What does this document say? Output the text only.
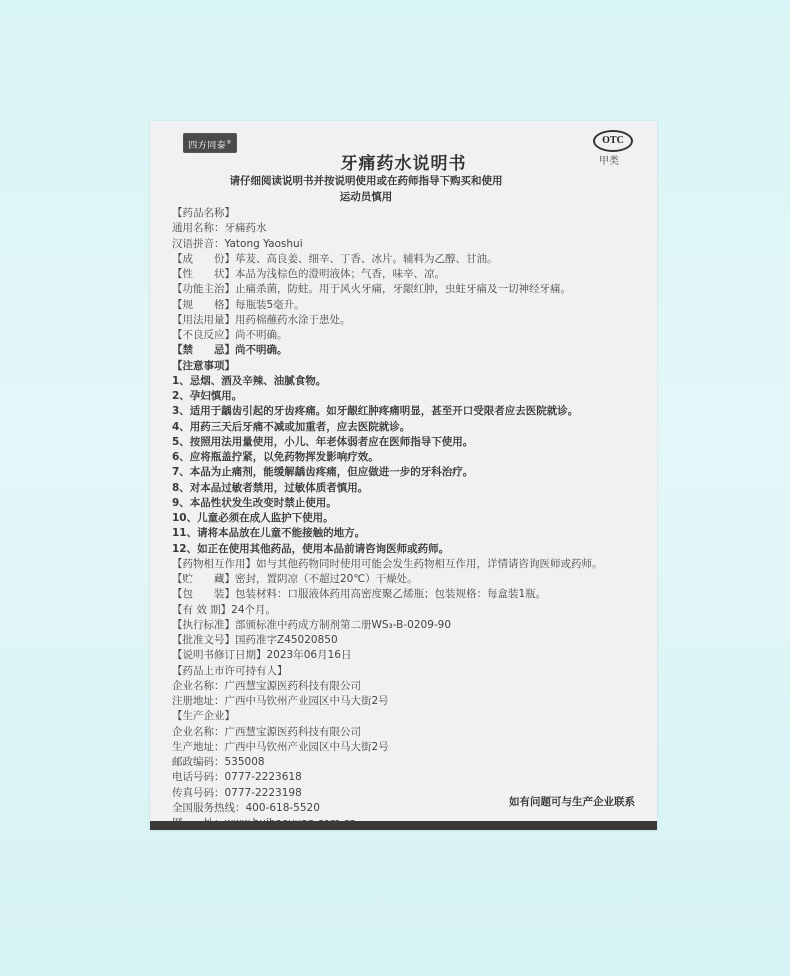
四方同泰®	OTC
甲类
牙痛药水说明书
请仔细阅读说明书并按说明使用或在药师指导下购买和使用
运动员慎用
【药品名称】
通用名称：牙痛药水
汉语拼音：Yatong Yaoshui
【成　　份】荜茇、高良姜、细辛、丁香、冰片。辅料为乙醇、甘油。
【性　　状】本品为浅棕色的澄明液体；气香，味辛、凉。
【功能主治】止痛杀菌，防蛀。用于风火牙痛，牙龈红肿，虫蛀牙痛及一切神经牙痛。
【规　　格】每瓶装5毫升。
【用法用量】用药棉蘸药水涂于患处。
【不良反应】尚不明确。
【禁　　忌】尚不明确。
【注意事项】
1、忌烟、酒及辛辣、油腻食物。
2、孕妇慎用。
3、适用于龋齿引起的牙齿疼痛。如牙龈红肿疼痛明显，甚至开口受限者应去医院就诊。
4、用药三天后牙痛不减或加重者，应去医院就诊。
5、按照用法用量使用，小儿、年老体弱者应在医师指导下使用。
6、应将瓶盖拧紧，以免药物挥发影响疗效。
7、本品为止痛剂，能缓解龋齿疼痛，但应做进一步的牙科治疗。
8、对本品过敏者禁用，过敏体质者慎用。
9、本品性状发生改变时禁止使用。
10、儿童必须在成人监护下使用。
11、请将本品放在儿童不能接触的地方。
12、如正在使用其他药品，使用本品前请咨询医师或药师。
【药物相互作用】如与其他药物同时使用可能会发生药物相互作用，详情请咨询医师或药师。
【贮　　藏】密封，置阴凉（不超过20℃）干燥处。
【包　　装】包装材料：口服液体药用高密度聚乙烯瓶；包装规格：每盒装1瓶。
【有 效 期】24个月。
【执行标准】部颁标准中药成方制剂第二册WS₃-B-0209-90
【批准文号】国药准字Z45020850
【说明书修订日期】2023年06月16日
【药品上市许可持有人】
企业名称：广西慧宝源医药科技有限公司
注册地址：广西中马钦州产业园区中马大街2号
【生产企业】
企业名称：广西慧宝源医药科技有限公司
生产地址：广西中马钦州产业园区中马大街2号
邮政编码：535008
电话号码：0777-2223618
传真号码：0777-2223198
全国服务热线：400-618-5520	如有问题可与生产企业联系
